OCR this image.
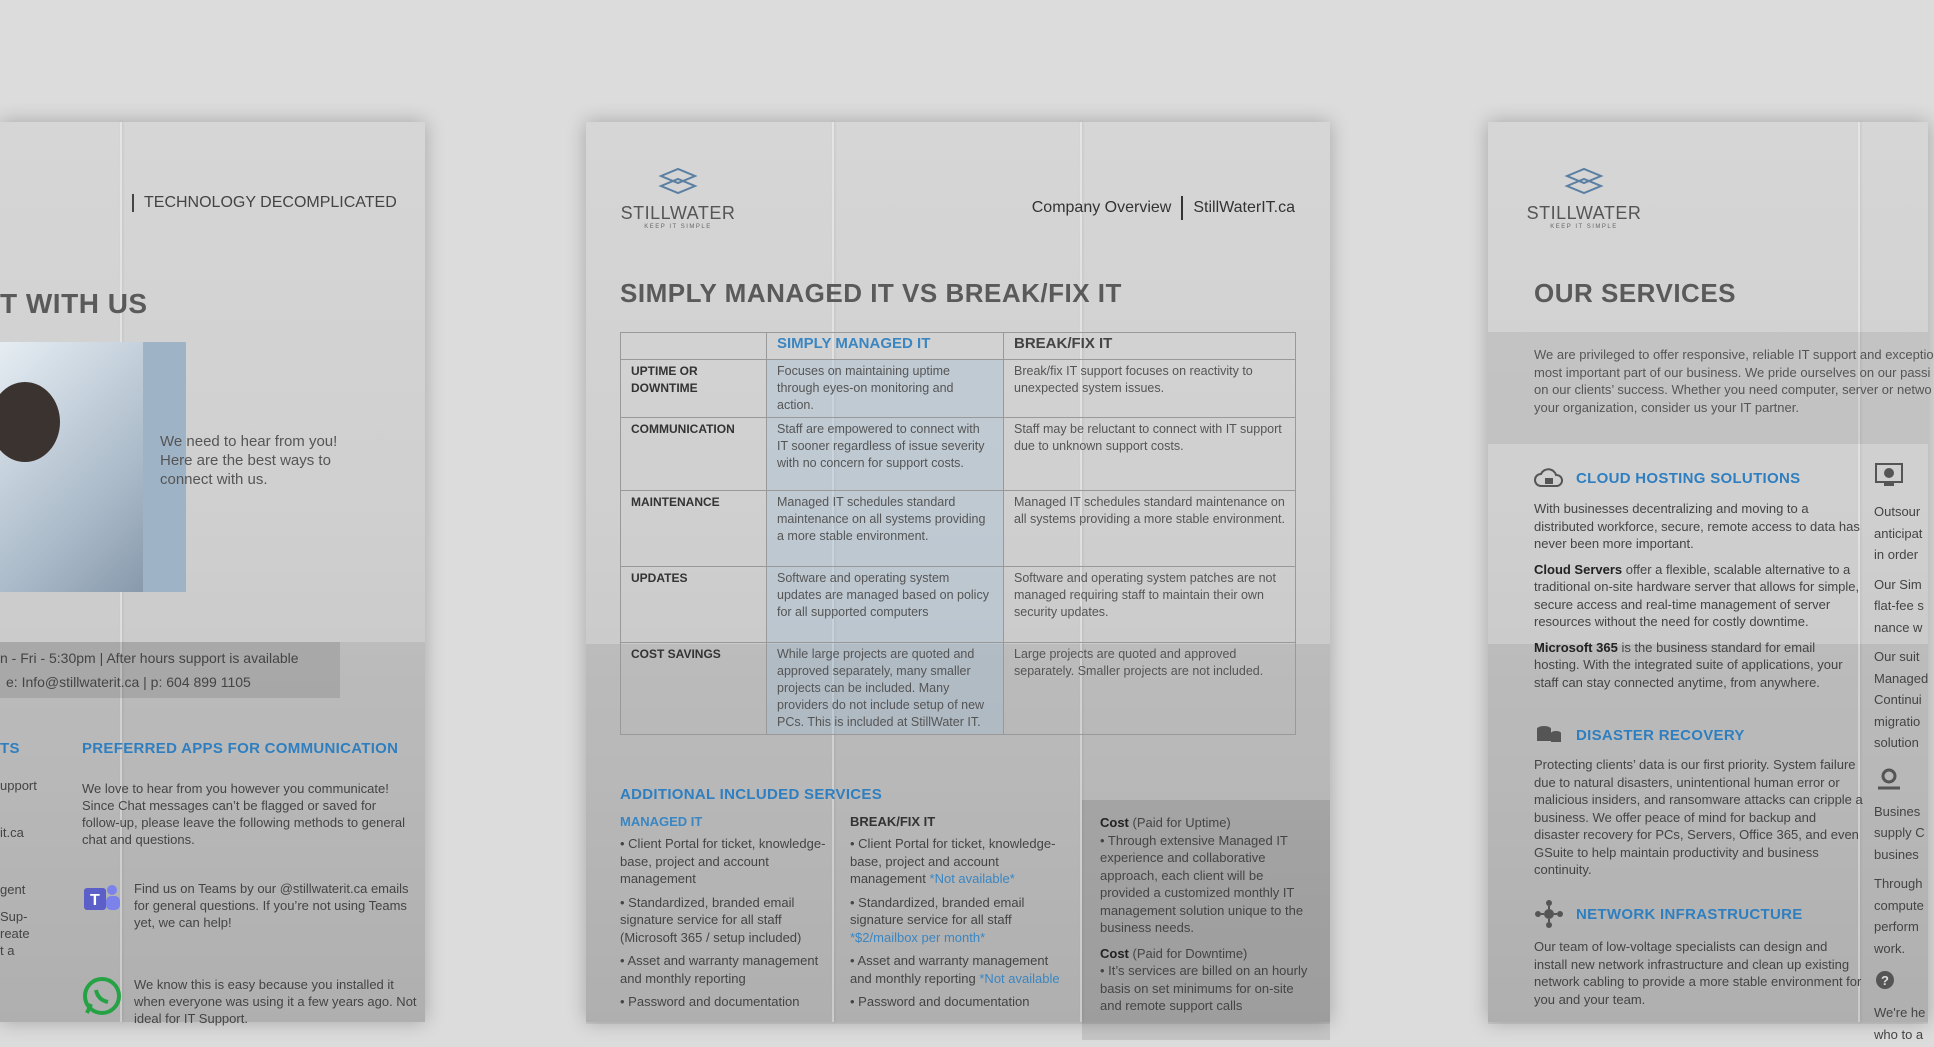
TECHNOLOGY DECOMPLICATED
T WITH US
We need to hear from you! Here are the best ways to connect with us.
n - Fri - 5:30pm | After hours support is available
e: Info@stillwaterit.ca | p: 604 899 1105
TS
upport
it.ca
gent
Sup-
reate
t a
PREFERRED APPS FOR COMMUNICATION
We love to hear from you however you communicate! Since Chat messages can’t be flagged or saved for follow-up, please leave the following methods to general chat and questions.
T
Find us on Teams by our @stillwaterit.ca emails for general questions. If you’re not using Teams yet, we can help!
We know this is easy because you installed it when everyone was using it a few years ago. Not ideal for IT Support.
STILLWATER
KEEP IT SIMPLE
Company Overview StillWaterIT.ca
SIMPLY MANAGED IT VS BREAK/FIX IT
	SIMPLY MANAGED IT	BREAK/FIX IT
UPTIME OR DOWNTIME	Focuses on maintaining uptime through eyes-on monitoring and action.	Break/fix IT support focuses on reactivity to unexpected system issues.
COMMUNICATION	Staff are empowered to connect with IT sooner regardless of issue severity with no concern for support costs.	Staff may be reluctant to connect with IT support due to unknown support costs.
MAINTENANCE	Managed IT schedules standard maintenance on all systems providing a more stable environment.	Managed IT schedules standard maintenance on all systems providing a more stable environment.
UPDATES	Software and operating system updates are managed based on policy for all supported computers	Software and operating system patches are not managed requiring staff to maintain their own security updates.
COST SAVINGS	While large projects are quoted and approved separately, many smaller projects can be included. Many providers do not include setup of new PCs. This is included at StillWater IT.	Large projects are quoted and approved separately. Smaller projects are not included.
ADDITIONAL INCLUDED SERVICES
MANAGED IT

• Client Portal for ticket, knowledge-base, project and account management

• Standardized, branded email signature service for all staff (Microsoft 365 / setup included)

• Asset and warranty management and monthly reporting

• Password and documentation

BREAK/FIX IT

• Client Portal for ticket, knowledge-base, project and account management *Not available*

• Standardized, branded email signature service for all staff *$2/mailbox per month*

• Asset and warranty management and monthly reporting *Not available

• Password and documentation

Cost (Paid for Uptime)
• Through extensive Managed IT experience and collaborative approach, each client will be provided a customized monthly IT management solution unique to the business needs.

Cost (Paid for Downtime)
• It’s services are billed on an hourly basis on set minimums for on-site and remote support calls

STILLWATER
KEEP IT SIMPLE
OUR SERVICES
We are privileged to offer responsive, reliable IT support and exceptio most important part of our business. We pride ourselves on our passi on our clients’ success. Whether you need computer, server or netwo your organization, consider us your IT partner.
CLOUD HOSTING SOLUTIONS

With businesses decentralizing and moving to a distributed workforce, secure, remote access to data has never been more important.

Cloud Servers offer a flexible, scalable alternative to a traditional on-site hardware server that allows for simple, secure access and real-time management of server resources without the need for costly downtime.

Microsoft 365 is the business standard for email hosting. With the integrated suite of applications, your staff can stay connected anytime, from anywhere.

DISASTER RECOVERY

Protecting clients’ data is our first priority. System failure due to natural disasters, unintentional human error or malicious insiders, and ransomware attacks can cripple a business. We offer peace of mind for backup and disaster recovery for PCs, Servers, Office 365, and even GSuite to help maintain productivity and business continuity.

NETWORK INFRASTRUCTURE

Our team of low-voltage specialists can design and install new network infrastructure and clean up existing network cabling to provide a more stable environment for you and your team.

Outsour

anticipat

in order

Our Sim

flat-fee s

nance w

Our suit

Managed

Continui

migratio

solution

Busines

supply C

busines

Through

compute

perform

work.

?

We're he

who to a
